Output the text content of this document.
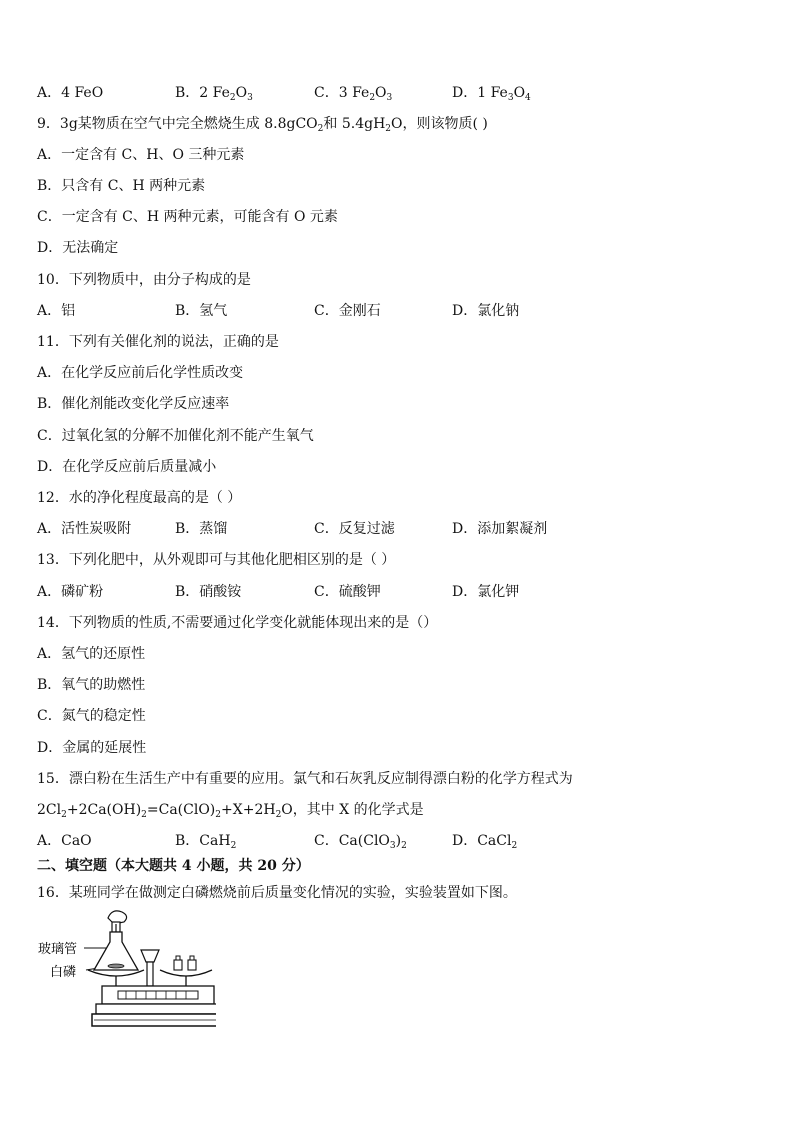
A．4 FeO	B．2 $Fe_2O_3$	C．3 $Fe_2O_3$	D．1 $Fe_3O_4$
9．3g某物质在空气中完全燃烧生成 8.8gCO$_2$和 $5.4gH_2O$，则该物质( )
A．一定含有 C、H、O 三种元素
B．只含有 C、H 两种元素
C．一定含有 C、H 两种元素，可能含有 O 元素
D．无法确定
10．下列物质中，由分子构成的是
A．铝	B．氢气	C．金刚石	D．氯化钠
11．下列有关催化剂的说法，正确的是
A．在化学反应前后化学性质改变
B．催化剂能改变化学反应速率
C．过氧化氢的分解不加催化剂不能产生氧气
D．在化学反应前后质量减小
12．水的净化程度最高的是（ ）
A．活性炭吸附	B．蒸馏	C．反复过滤	D．添加絮凝剂
13．下列化肥中，从外观即可与其他化肥相区别的是（ ）
A．磷矿粉	B．硝酸铵	C．硫酸钾	D．氯化钾
14．下列物质的性质,不需要通过化学变化就能体现出来的是（）
A．氢气的还原性
B．氧气的助燃性
C．氮气的稳定性
D．金属的延展性
15．漂白粉在生活生产中有重要的应用。氯气和石灰乳反应制得漂白粉的化学方程式为
$2Cl_2+2Ca(OH)_2=Ca(ClO)_2+X+2H_2O$，其中 X 的化学式是
A．CaO	B．CaH$_2$	C．$Ca(ClO_3)_2$	D．CaCl$_2$
二、填空题（本大题共 4 小题，共 20 分）
16．某班同学在做测定白磷燃烧前后质量变化情况的实验，实验装置如下图。
玻璃管
白磷
